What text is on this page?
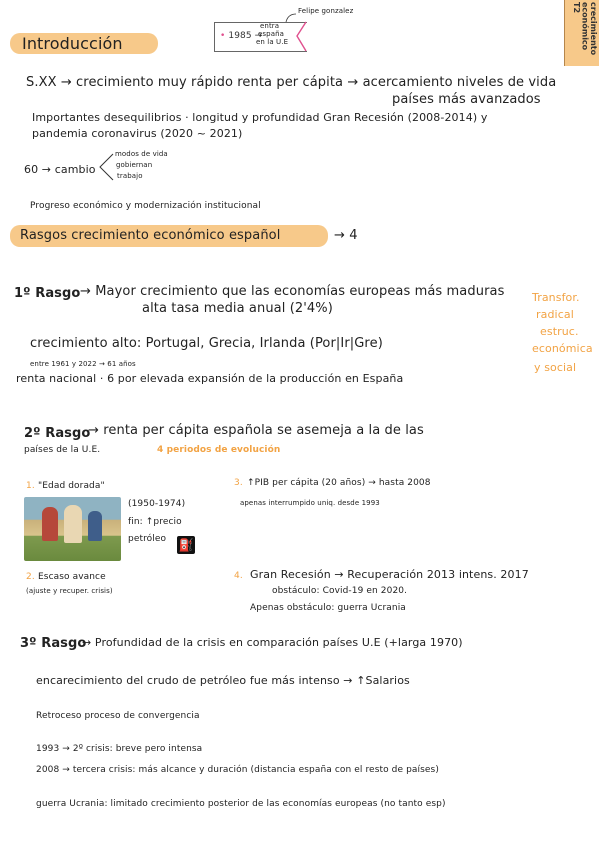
crecimiento
económico
T2
• 1985 →
entra
españa
en la U.E
Felipe gonzalez
Introducción
S.XX → crecimiento muy rápido renta per cápita → acercamiento niveles de vida
países más avanzados
Importantes desequilibrios · longitud y profundidad Gran Recesión (2008-2014) y
pandemia coronavirus (2020 ~ 2021)
60 → cambio
modos de vida
gobiernan
trabajo
Progreso económico y modernización institucional
Rasgos crecimiento económico español	→ 4
Transfor.
radical
estruc.
económica
y social
1º Rasgo → Mayor crecimiento que las economías europeas más maduras
alta tasa media anual (2'4%)
crecimiento alto: Portugal, Grecia, Irlanda (Por|Ir|Gre)
entre 1961 y 2022 → 61 años
renta nacional · 6 por elevada expansión de la producción en España
2º Rasgo
→ renta per cápita española se asemeja a la de las
países de la U.E.	4 periodos de evolución
1. "Edad dorada"
(1950-1974)
fin: ↑precio
petróleo ⛽
2. Escaso avance
(ajuste y recuper. crisis)
3. ↑PIB per cápita (20 años) → hasta 2008
apenas interrumpido uniq. desde 1993
4. Gran Recesión → Recuperación 2013 intens. 2017
obstáculo: Covid-19 en 2020.
Apenas obstáculo: guerra Ucrania
3º Rasgo
→ Profundidad de la crisis en comparación países U.E (+larga 1970)
encarecimiento del crudo de petróleo fue más intenso → ↑Salarios
Retroceso proceso de convergencia
1993 → 2º crisis: breve pero intensa
2008 → tercera crisis: más alcance y duración (distancia españa con el resto de países)
guerra Ucrania: limitado crecimiento posterior de las economías europeas (no tanto esp)
